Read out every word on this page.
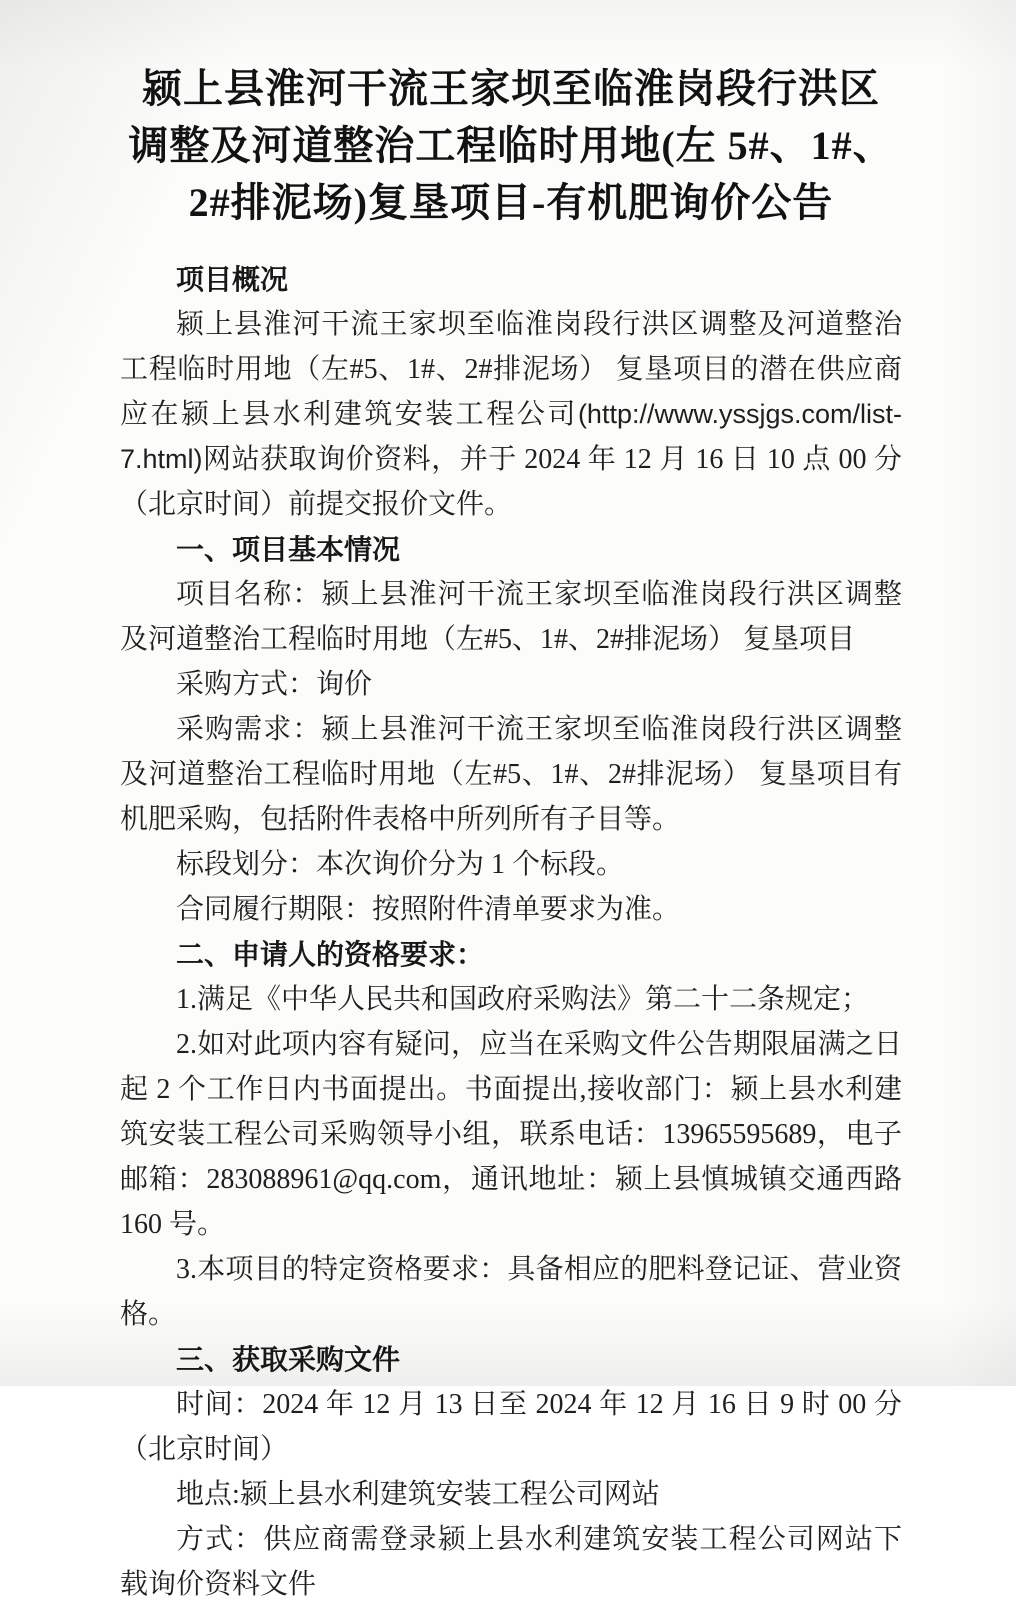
颍上县淮河干流王家坝至临淮岗段行洪区
调整及河道整治工程临时用地(左 5#、1#、
2#排泥场)复垦项目-有机肥询价公告

项目概况

颍上县淮河干流王家坝至临淮岗段行洪区调整及河道整治工程临时用地（左#5、1#、2#排泥场） 复垦项目的潜在供应商应在颍上县水利建筑安装工程公司(http://www.yssjgs.com/list-7.html)网站获取询价资料，并于 2024 年 12 月 16 日 10 点 00 分（北京时间）前提交报价文件。

一、项目基本情况

项目名称：颍上县淮河干流王家坝至临淮岗段行洪区调整及河道整治工程临时用地（左#5、1#、2#排泥场） 复垦项目

采购方式：询价

采购需求：颍上县淮河干流王家坝至临淮岗段行洪区调整及河道整治工程临时用地（左#5、1#、2#排泥场） 复垦项目有机肥采购，包括附件表格中所列所有子目等。

标段划分：本次询价分为 1 个标段。

合同履行期限：按照附件清单要求为准。

二、申请人的资格要求：

1.满足《中华人民共和国政府采购法》第二十二条规定；

2.如对此项内容有疑问，应当在采购文件公告期限届满之日起 2 个工作日内书面提出。书面提出,接收部门：颍上县水利建筑安装工程公司采购领导小组，联系电话：13965595689，电子邮箱：283088961@qq.com，通讯地址：颍上县慎城镇交通西路 160 号。

3.本项目的特定资格要求：具备相应的肥料登记证、营业资格。

三、获取采购文件

时间：2024 年 12 月 13 日至 2024 年 12 月 16 日 9 时 00 分（北京时间）

地点:颍上县水利建筑安装工程公司网站

方式：供应商需登录颍上县水利建筑安装工程公司网站下载询价资料文件
